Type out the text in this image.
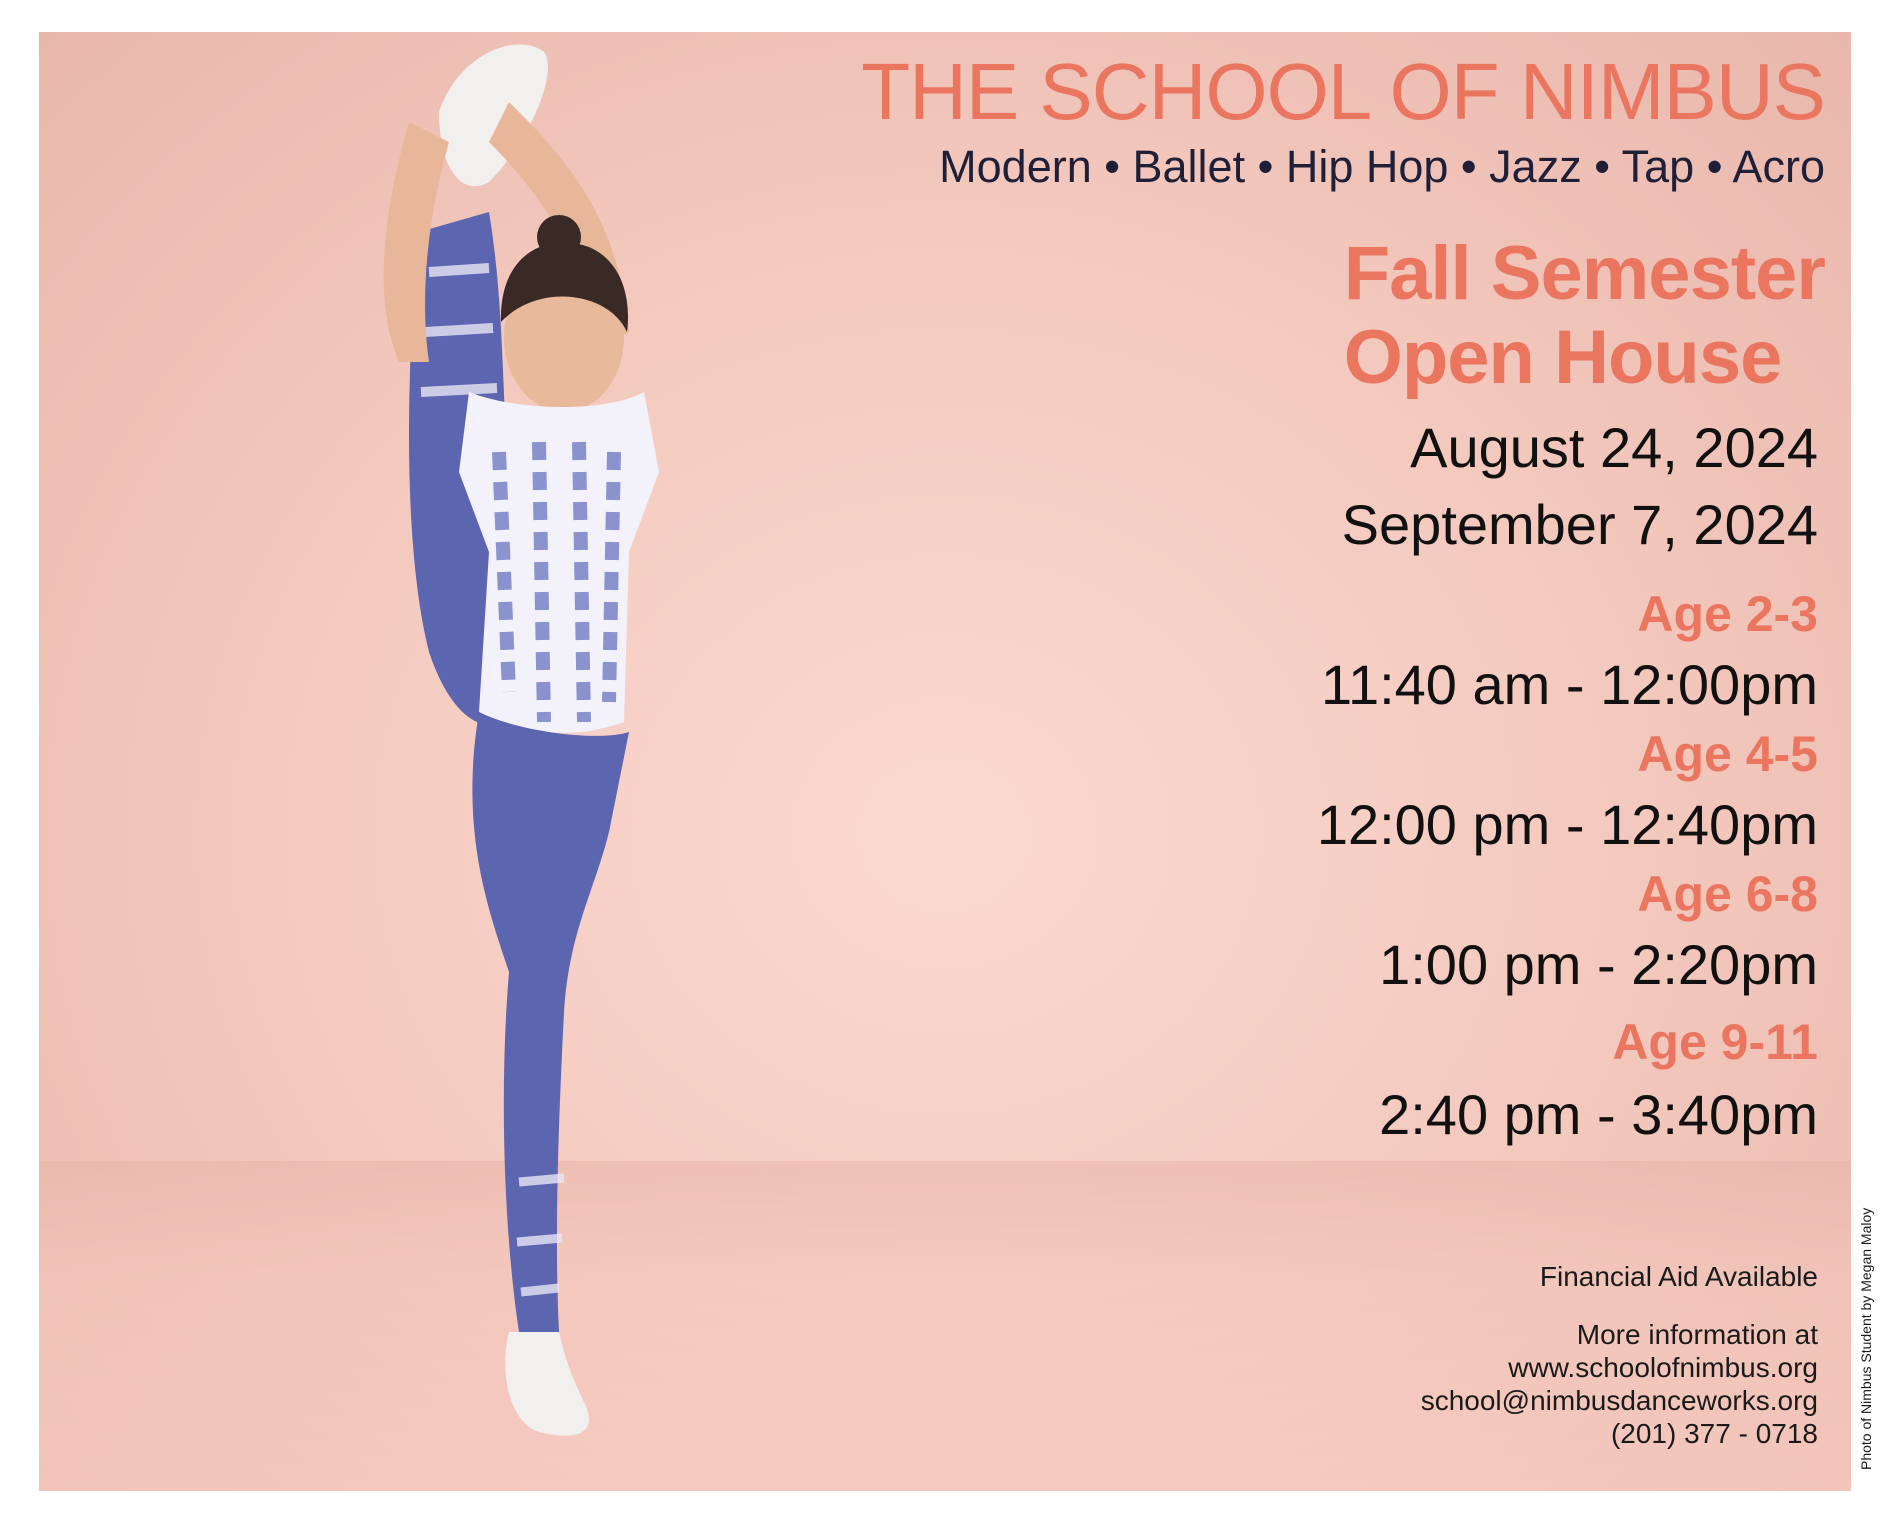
THE SCHOOL OF NIMBUS
Modern • Ballet • Hip Hop • Jazz • Tap • Acro
Fall Semester
Open House
August 24, 2024
September 7, 2024
Age 2-3
11:40 am - 12:00pm
Age 4-5
12:00 pm - 12:40pm
Age 6-8
1:00 pm - 2:20pm
Age 9-11
2:40 pm - 3:40pm
Financial Aid Available
More information at
www.schoolofnimbus.org
school@nimbusdanceworks.org
(201) 377 - 0718	Photo of Nimbus Student by Megan Maloy
